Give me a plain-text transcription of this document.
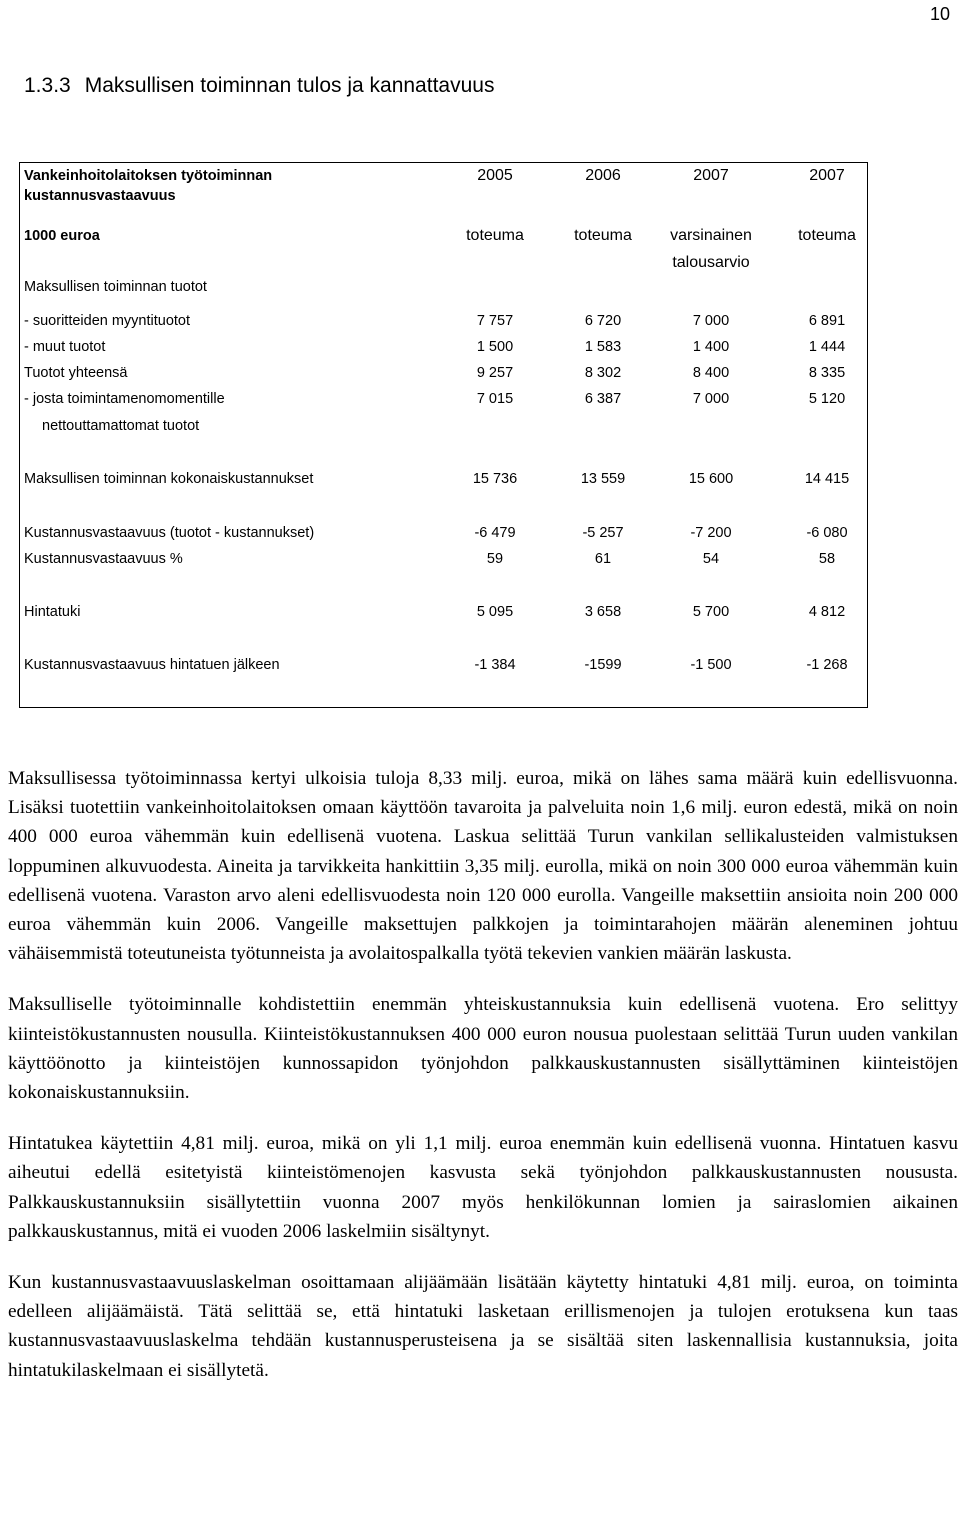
10
1.3.3 Maksullisen toiminnan tulos ja kannattavuus
Vankeinhoitolaitoksen työtoiminnan
kustannusvastaavuus
2005	2006	2007	2007
1000 euroa	toteuma	toteuma	varsinainen	toteuma
talousarvio
Maksullisen toiminnan tuotot
- suoritteiden myyntituotot	7 757	6 720	7 000	6 891
- muut tuotot	1 500	1 583	1 400	1 444
Tuotot yhteensä	9 257	8 302	8 400	8 335
- josta toimintamenomomentille
nettouttamattomat tuotot
7 015	6 387	7 000	5 120
Maksullisen toiminnan kokonaiskustannukset	15 736	13 559	15 600	14 415
Kustannusvastaavuus (tuotot - kustannukset)	-6 479	-5 257	-7 200	-6 080
Kustannusvastaavuus %	59	61	54	58
Hintatuki	5 095	3 658	5 700	4 812
Kustannusvastaavuus hintatuen jälkeen	-1 384	-1599	-1 500	-1 268

Maksullisessa työtoiminnassa kertyi ulkoisia tuloja 8,33 milj. euroa, mikä on lähes sama määrä kuin edellisvuonna. Lisäksi tuotettiin vankeinhoitolaitoksen omaan käyttöön tavaroita ja palveluita noin 1,6 milj. euron edestä, mikä on noin 400 000 euroa vähemmän kuin edellisenä vuotena. Laskua selittää Turun vankilan sellikalusteiden valmistuksen loppuminen alkuvuodesta. Aineita ja tarvikkeita hankittiin 3,35 milj. eurolla, mikä on noin 300 000 euroa vähemmän kuin edellisenä vuotena. Varaston arvo aleni edellisvuodesta noin 120 000 eurolla. Vangeille maksettiin ansioita noin 200 000 euroa vähemmän kuin 2006. Vangeille maksettujen palkkojen ja toimintarahojen määrän aleneminen johtuu vähäisemmistä toteutuneista työtunneista ja avolaitospalkalla työtä tekevien vankien määrän laskusta.

Maksulliselle työtoiminnalle kohdistettiin enemmän yhteiskustannuksia kuin edellisenä vuotena. Ero selittyy kiinteistökustannusten nousulla. Kiinteistökustannuksen 400 000 euron nousua puolestaan selittää Turun uuden vankilan käyttöönotto ja kiinteistöjen kunnossapidon työnjohdon palkkauskustannusten sisällyttäminen kiinteistöjen kokonaiskustannuksiin.

Hintatukea käytettiin 4,81 milj. euroa, mikä on yli 1,1 milj. euroa enemmän kuin edellisenä vuonna. Hintatuen kasvu aiheutui edellä esitetyistä kiinteistömenojen kasvusta sekä työnjohdon palkkauskustannusten noususta. Palkkauskustannuksiin sisällytettiin vuonna 2007 myös henkilökunnan lomien ja sairaslomien aikainen palkkauskustannus, mitä ei vuoden 2006 laskelmiin sisältynyt.

Kun kustannusvastaavuuslaskelman osoittamaan alijäämään lisätään käytetty hintatuki 4,81 milj. euroa, on toiminta edelleen alijäämäistä. Tätä selittää se, että hintatuki lasketaan erillismenojen ja tulojen erotuksena kun taas kustannusvastaavuuslaskelma tehdään kustannusperusteisena ja se sisältää siten laskennallisia kustannuksia, joita hintatukilaskelmaan ei sisällytetä.
